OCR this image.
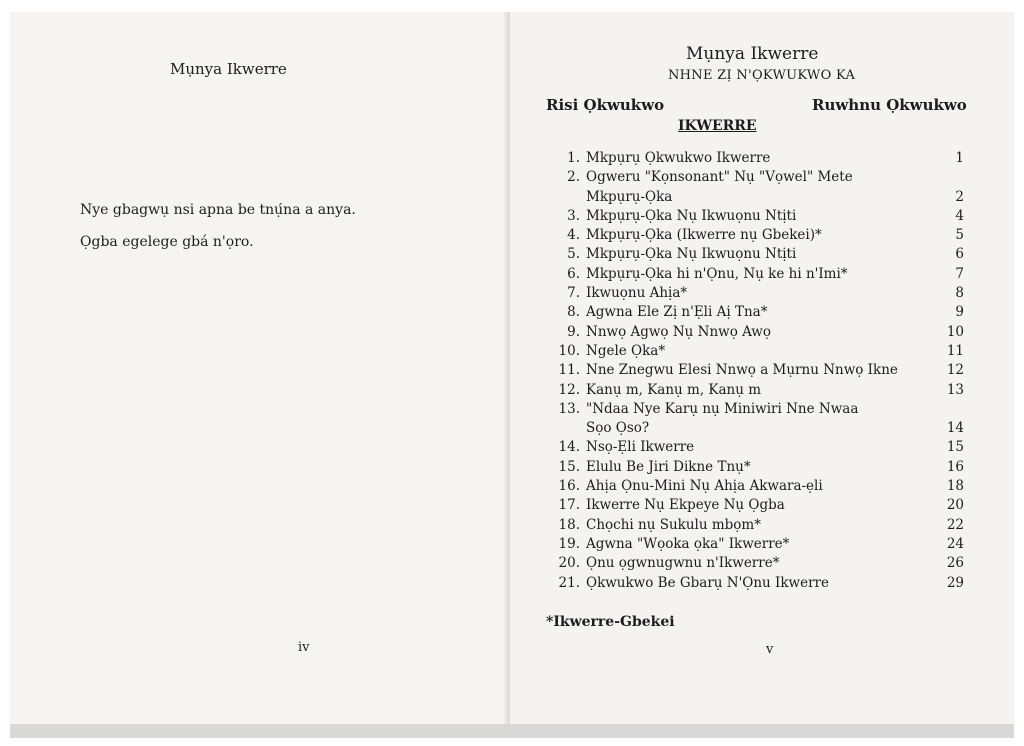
Mụnya Ikwerre
Nye gbagwụ nsi apna be tnụ́na a anya.
Ọgba egelege gbá n'ọro.
iv	v
Mụnya Ikwerre
NHNE ZỊ N'ỌKWUKWO KA
Risi Ọkwukwo	Ruwhnu Ọkwukwo
IKWERRE
1. Mkpụrụ Ọkwukwo Ikwerre	1
2. Ogweru "Kọnsonant" Nụ "Vọwel" Mete
Mkpụrụ-Ọka	2
3. Mkpụrụ-Ọka Nụ Ikwuọnu Ntịti	4
4. Mkpụrụ-Ọka (Ikwerre nụ Gbekei)*	5
5. Mkpụrụ-Ọka Nụ Ikwuọnu Ntịti	6
6. Mkpụrụ-Ọka hi n'Ọnu, Nụ ke hi n'Imi*	7
7. Ikwuọnu Ahịa*	8
8. Agwna Ele Zị n'Ẹli Aị Tna*	9
9. Nnwọ Agwọ Nụ Nnwọ Awọ	10
10. Ngele Ọka*	11
11. Nne Znegwu Elesi Nnwọ a Mụrnu Nnwọ Ikne	12
12. Kanụ m, Kanụ m, Kanụ m	13
13. "Ndaa Nye Karụ nụ Miniwiri Nne Nwaa
Sọo Ọso?	14
14. Nsọ-Ẹli Ikwerre	15
15. Elulu Be Jiri Dikne Tnụ*	16
16. Ahịa Ọnu-Mini Nụ Ahịa Akwara-ẹli	18
17. Ikwerre Nụ Ekpeye Nụ Ọgba	20
18. Chọchi nụ Sukulu mbọm*	22
19. Agwna "Wọoka ọka" Ikwerre*	24
20. Ọnu ọgwnugwnu n'Ikwerre*	26
21. Ọkwukwo Be Gbarụ N'Ọnu Ikwerre	29
*Ikwerre-Gbekei
